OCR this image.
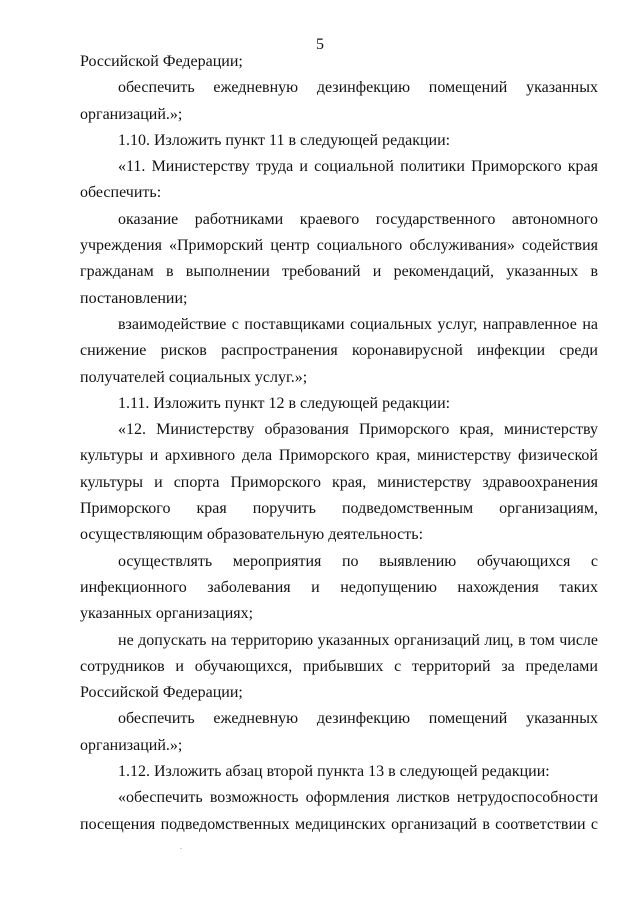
5
Российской Федерации;
обеспечить ежедневную дезинфекцию помещений указанных
организаций.»;
1.10. Изложить пункт 11 в следующей редакции:
«11. Министерству труда и социальной политики Приморского края
обеспечить:
оказание работниками краевого государственного автономного
учреждения «Приморский центр социального обслуживания» содействия
гражданам в выполнении требований и рекомендаций, указанных в
постановлении;
взаимодействие с поставщиками социальных услуг, направленное на
снижение рисков распространения коронавирусной инфекции среди
получателей социальных услуг.»;
1.11. Изложить пункт 12 в следующей редакции:
«12. Министерству образования Приморского края, министерству
культуры и архивного дела Приморского края, министерству физической
культуры и спорта Приморского края, министерству здравоохранения
Приморского края поручить подведомственным организациям,
осуществляющим образовательную деятельность:
осуществлять мероприятия по выявлению обучающихся с
инфекционного заболевания и недопущению нахождения таких
указанных организациях;
не допускать на территорию указанных организаций лиц, в том числе
сотрудников и обучающихся, прибывших с территорий за пределами
Российской Федерации;
обеспечить ежедневную дезинфекцию помещений указанных
организаций.»;
1.12. Изложить абзац второй пункта 13 в следующей редакции:
«обеспечить возможность оформления листков нетрудоспособности
посещения подведомственных медицинских организаций в соответствии с
